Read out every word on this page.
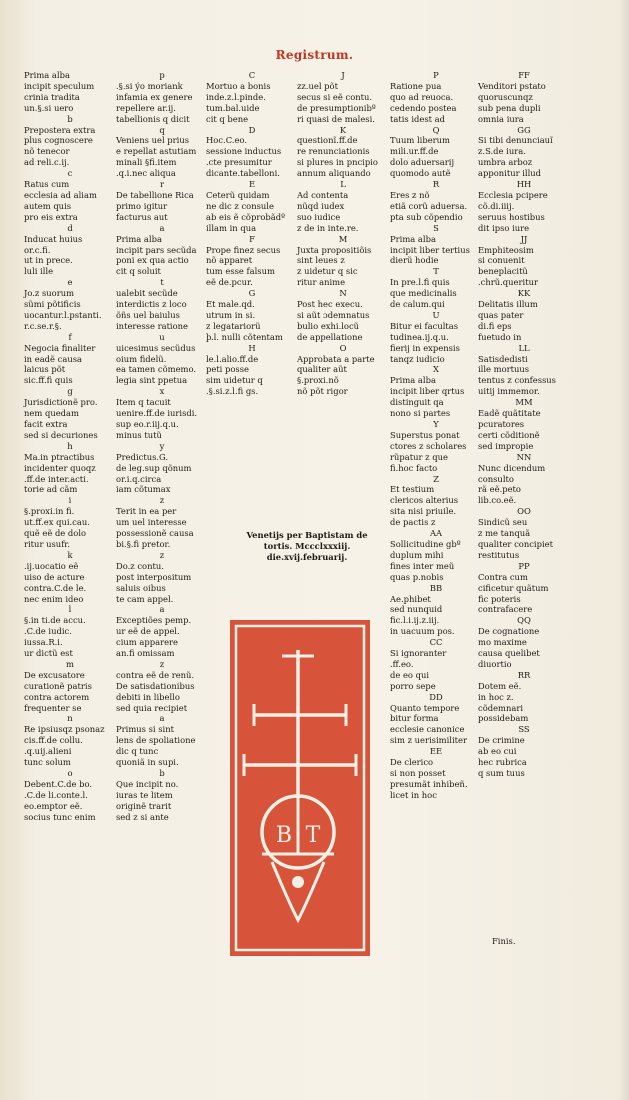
Registrum.
Prima alba
incipit speculum
crinia tradita
un.§.si uero
b
Prepostera extra
plus cognoscere
nõ tenecor
ad reli.c.ij.
c
Ratus cum
ecclesia ad aliam
autem quis
pro eis extra
d
Inducat huius
or.c.fi.
ut in prece.
luli ille
e
Jo.z suorum
sũmi põtificis
uocantur.l.pstanti.
r.c.se.r.§.
f
Negocia finaliter
in eadẽ causa
laicus põt
sic.ff.fi quis
g
Jurisdictionẽ pro.
nem quedam
facit extra
sed si decuriones
h
Ma.in ptractibus
incidenter quoqz
.ff.de inter.acti.
torie ad cãm
i
§.proxi.in fi.
ut.ff.ex qui.cau.
quẽ eẽ de dolo
ritur usufr.
k
.ij.uocatio eẽ
uiso de acture
contra.C.de le.
nec enim ideo
l
§.in ti.de accu.
.C.de iudic.
iussa.R.i.
ur dictũ est
m
De excusatore
curationẽ patris
contra actorem
frequenter se
n
Re ipsiusqz psonaz
cis.ff.de collu.
.q.uij.alieni
tunc solum
o
Debent.C.de bo.
.C.de li.conte.l.
eo.emptor eẽ.
socius tunc enim
p
.§.si ýo moriank
infamia ex genere
repellere ar.ij.
tabellionis q dicit
q
Veniens uel prius
e repellat astutiam
minali §fi.item
.q.i.nec aliqua
r
De tabellione Rica
primo igitur
facturus aut
a
Prima alba
incipit pars secũda
poni ex qua actio
cit q soluit
t
ualebit secũde
interdictis z loco
õñs uel baiulus
interesse ratione
u
uicesimus secũdus
oium fidelũ.
ea tamen cõmemo.
legia sint ppetua
x
Item q tacuit
uenire.ff.de iurisdi.
sup eo.r.iij.q.u.
minus tutũ
y
Predictus.G.
de leg.sup qõnum
or.i.q.circa
iam cõtumax
z
Terit in ea per
um uel interesse
possessionẽ causa
bi.§.fi pretor.
z
Do.z contu.
post interpositum
saluis oibus
te cam appel.
a
Exceptiões pemp.
ur eẽ de appel.
cium apparere
an.fi omissam
z
contra eẽ de renũ.
De satisdationibus
debiti in libello
sed quia recipiet
a
Primus si sint
lens de spoliatione
dic q tunc
quoniã in supi.
b
Que incipit no.
iuras te litem
originẽ trarit
sed z si ante
C
Mortuo a bonis
inde.z.l.pinde.
tum.bal.uide
cit q bene
D
Hoc.C.eo.
sessione inductus
.cte presumitur
dicante.tabelloni.
E
Ceterũ quidam
ne dic z consule
ab eis ẽ cõprobãdº
illam in qua
F
Prope finez secus
nõ apparet
tum esse falsum
eẽ de.pcur.
G
Et male.qd.
utrum in si.
z legatariorũ
þ.l. nulli cõtentam
H
le.l.alio.ff.de
peti posse
sim uidetur q
.§.si.z.l.fi gs.
J
zz.uel põt
secus si eẽ contu.
de presumptionibº
ri quasi de malesi.
K
questionĩ.ff.de
re renunciationis
si plures in pncipio
annum aliquando
L
Ad contenta
nũqd iudex
suo iudice
z de in inte.re.
M
Juxta propositiõis
sint leues z
z uidetur q sic
ritur anime
N
Post hec execu.
si aũt ɔdemnatus
bulio exhi.locũ
de appellatione
O
Approbata a parte
qualiter aũt
§.proxi.nõ
nõ põt rigor
P
Ratione pua
quo ad reuoca.
cedendo postea
tatis idest ad
Q
Tuum liberum
mili.ur.ff.de
dolo aduersarij
quomodo autẽ
R
Eres z nõ
etiã corũ aduersa.
pta sub cõpendio
S
Prima alba
incipit liber tertius
dierũ hodie
T
In pre.l.fi quis
que medicinalis
de calum.qui
U
Bitur ei facultas
tudinea.ij.q.u.
fierij in expensis
tanqz iudicio
X
Prima alba
incipit liber qrtus
distinguit qa
nono si partes
Y
Superstus ponat
ctores z scholares
rũpatur z que
fi.hoc facto
Z
Et testium
clericos alterius
sita nisi priuile.
de pactis z
AA
Sollicitudine gbº
duplum mihi
fines inter meũ
quas p.nobis
BB
Ae.phibet
sed nunquid
fic.l.i.ij.z.iij.
in uacuum pos.
CC
Si ignoranter
.ff.eo.
de eo qui
porro sepe
DD
Quanto tempore
bitur forma
ecclesie canonice
sim z uerisimiliter
EE
De clerico
si non posset
presumãt inhibeñ.
licet in hoc
FF
Venditori pstato
quoruscunqz
sub pena dupli
omnia iura
GG
Si tibi denunciauĩ
z.S.de iura.
umbra arboz
apponitur illud
HH
Ecclesia pcipere
cõ.di.iiij.
seruus hostibus
dit ipso iure
JJ
Emphiteosim
si conuenit
beneplacitũ
.chrũ.queritur
KK
Delitatis illum
quas pater
di.fi eps
fuetudo in
LL
Satisdedisti
ille mortuus
tentus z confessus
uitij immemor.
MM
Eadẽ quãtitate
pcuratores
certi cõditionẽ
sed impropie
NN
Nunc dicendum
consulto
rã eẽ.peto
lib.co.eẽ.
OO
Sindicũ seu
z me tanquã
qualiter concipiet
restitutus
PP
Contra cum
cificetur quãtum
fic poteris
contrafacere
QQ
De cognatione
mo maxime
causa quelibet
diuortio
RR
Dotem eẽ.
in hoc z.
cõdemnari
possidebam
SS
De crimine
ab eo cui
hec rubrica
q sum tuus
Venetijs per Baptistam de
tortis. Mccclxxxiij.
die.xvij.februarij.
B T
Finis.
